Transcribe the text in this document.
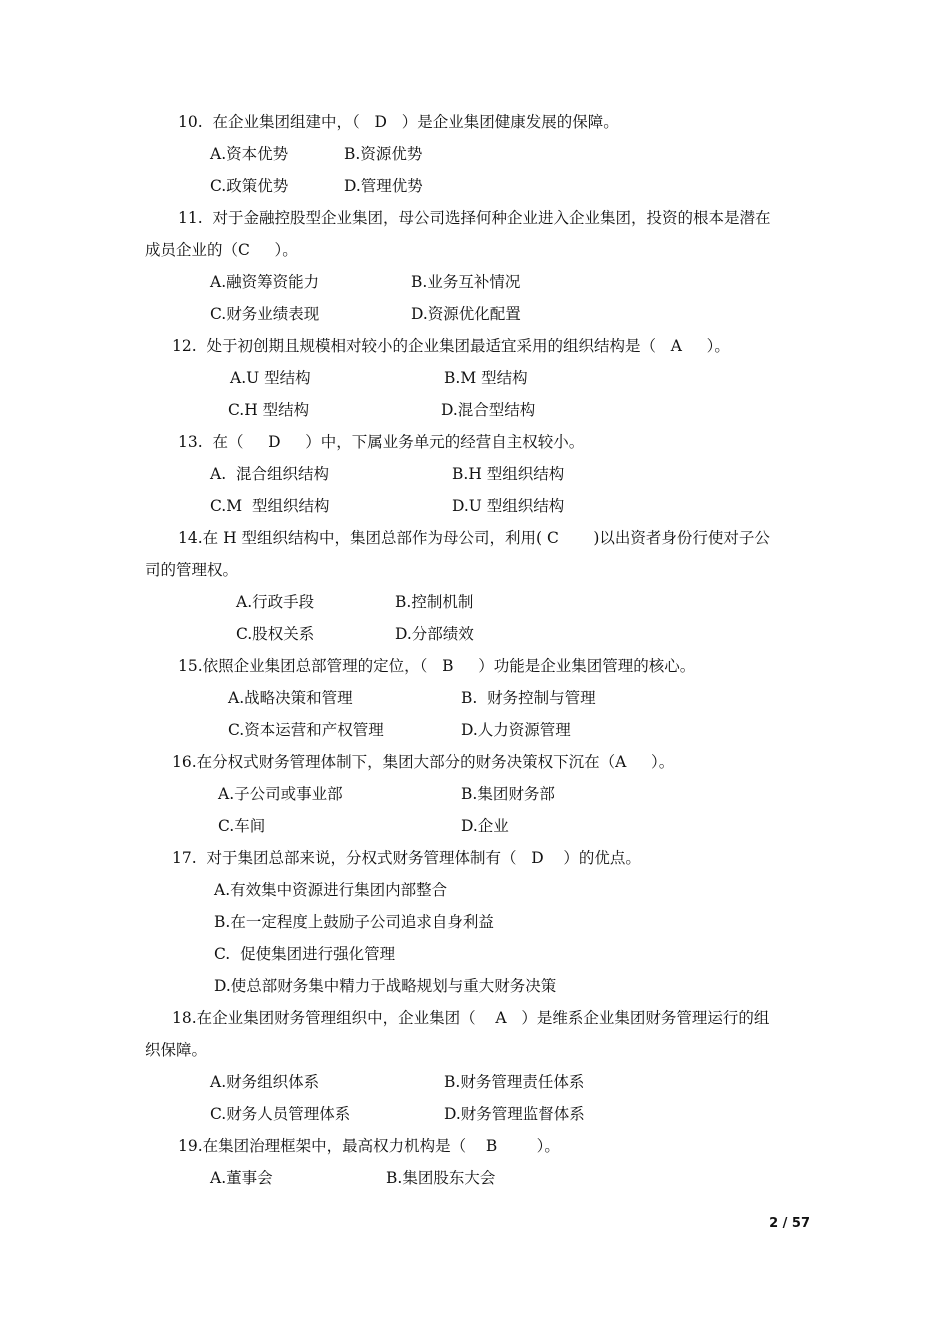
10.  在企业集团组建中，（   D   ）是企业集团健康发展的保障。
A.资本优势	B.资源优势
C.政策优势	D.管理优势
11.  对于金融控股型企业集团，母公司选择何种企业进入企业集团，投资的根本是潜在
成员企业的（C     ）。
A.融资筹资能力	B.业务互补情况
C.财务业绩表现	D.资源优化配置
12.  处于初创期且规模相对较小的企业集团最适宜采用的组织结构是（   A     ）。
A.U 型结构	B.M 型结构
C.H 型结构	D.混合型结构
13.  在（     D     ）中，下属业务单元的经营自主权较小。
A.  混合组织结构	B.H 型组织结构
C.M  型组织结构	D.U 型组织结构
14.在 H 型组织结构中，集团总部作为母公司，利用( C       )以出资者身份行使对子公
司的管理权。
A.行政手段	B.控制机制
C.股权关系	D.分部绩效
15.依照企业集团总部管理的定位，（   B     ）功能是企业集团管理的核心。
A.战略决策和管理	B.  财务控制与管理
C.资本运营和产权管理	D.人力资源管理
16.在分权式财务管理体制下，集团大部分的财务决策权下沉在（A     ）。
A.子公司或事业部	B.集团财务部
C.车间	D.企业
17.  对于集团总部来说，分权式财务管理体制有（   D    ）的优点。
A.有效集中资源进行集团内部整合
B.在一定程度上鼓励子公司追求自身利益
C.  促使集团进行强化管理
D.使总部财务集中精力于战略规划与重大财务决策
18.在企业集团财务管理组织中，企业集团（    A   ）是维系企业集团财务管理运行的组
织保障。
A.财务组织体系	B.财务管理责任体系
C.财务人员管理体系	D.财务管理监督体系
19.在集团治理框架中，最高权力机构是（    B        ）。
A.董事会	B.集团股东大会
2 / 57
